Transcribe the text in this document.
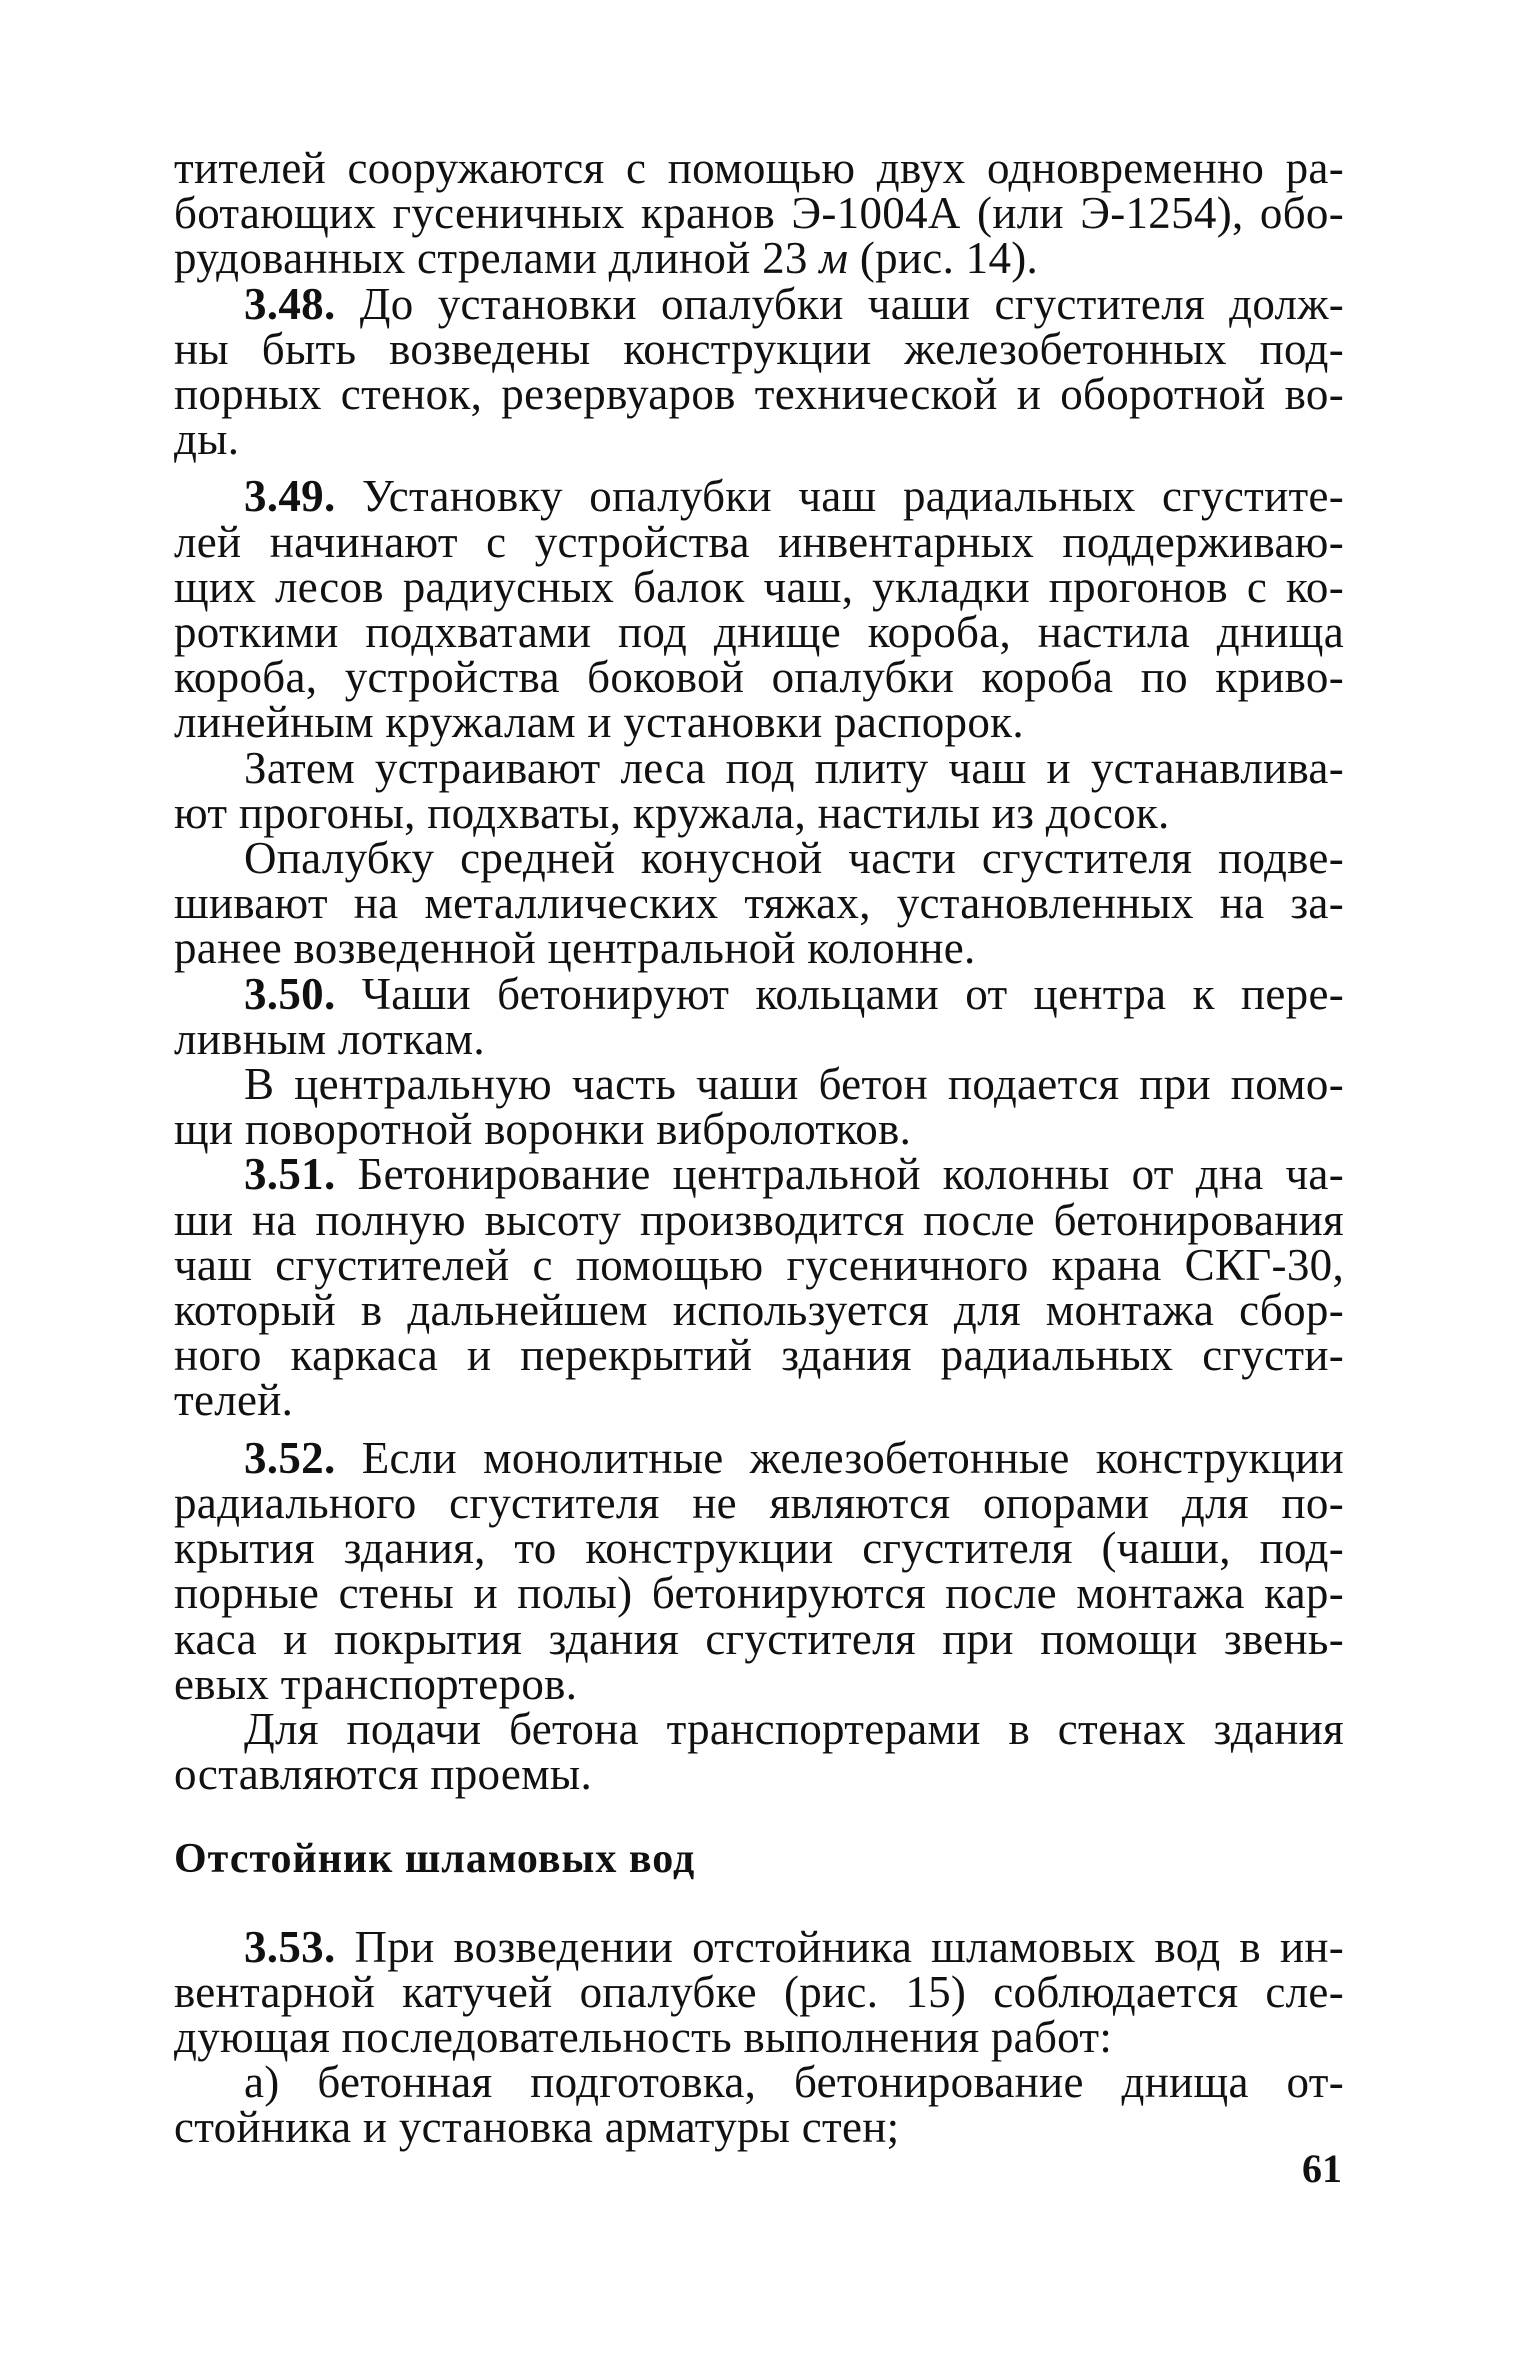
тителей сооружаются с помощью двух одновременно ра-
ботающих гусеничных кранов Э-1004А (или Э-1254), обо-
рудованных стрелами длиной 23 м (рис. 14).

3.48. До установки опалубки чаши сгустителя долж-
ны быть возведены конструкции железобетонных под-
порных стенок, резервуаров технической и оборотной во-
ды.

3.49. Установку опалубки чаш радиальных сгустите-
лей начинают с устройства инвентарных поддерживаю-
щих лесов радиусных балок чаш, укладки прогонов с ко-
роткими подхватами под днище короба, настила днища
короба, устройства боковой опалубки короба по криво-
линейным кружалам и установки распорок.

Затем устраивают леса под плиту чаш и устанавлива-
ют прогоны, подхваты, кружала, настилы из досок.

Опалубку средней конусной части сгустителя подве-
шивают на металлических тяжах, установленных на за-
ранее возведенной центральной колонне.

3.50. Чаши бетонируют кольцами от центра к пере-
ливным лоткам.

В центральную часть чаши бетон подается при помо-
щи поворотной воронки вибролотков.

3.51. Бетонирование центральной колонны от дна ча-
ши на полную высоту производится после бетонирования
чаш сгустителей с помощью гусеничного крана СКГ-30,
который в дальнейшем используется для монтажа сбор-
ного каркаса и перекрытий здания радиальных сгусти-
телей.

3.52. Если монолитные железобетонные конструкции
радиального сгустителя не являются опорами для по-
крытия здания, то конструкции сгустителя (чаши, под-
порные стены и полы) бетонируются после монтажа кар-
каса и покрытия здания сгустителя при помощи звень-
евых транспортеров.

Для подачи бетона транспортерами в стенах здания
оставляются проемы.

Отстойник шламовых вод

3.53. При возведении отстойника шламовых вод в ин-
вентарной катучей опалубке (рис. 15) соблюдается сле-
дующая последовательность выполнения работ:

а) бетонная подготовка, бетонирование днища от-
стойника и установка арматуры стен;

61
